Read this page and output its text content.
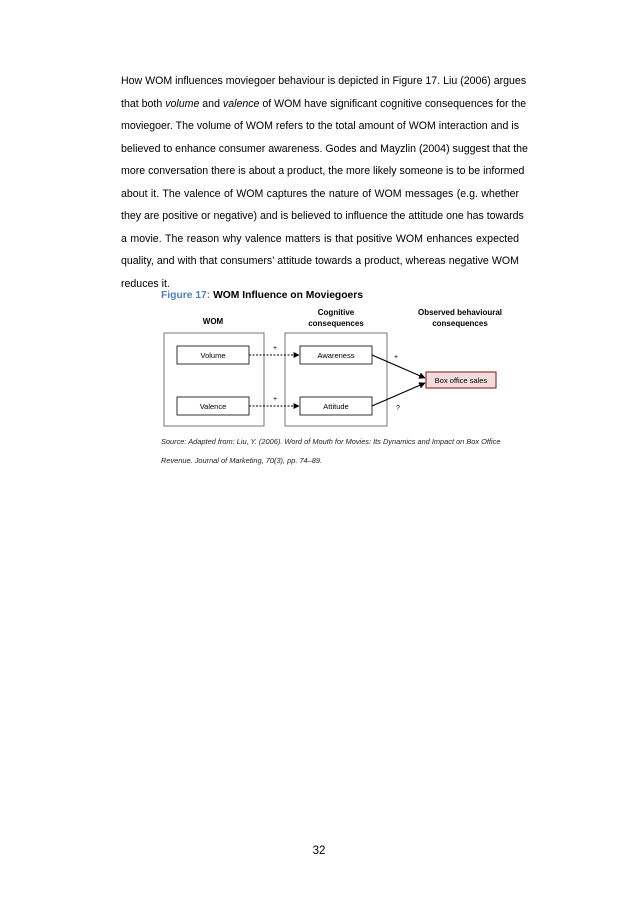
How WOM influences moviegoer behaviour is depicted in Figure 17. Liu (2006) argues
that both volume and valence of WOM have significant cognitive consequences for the
moviegoer. The volume of WOM refers to the total amount of WOM interaction and is
believed to enhance consumer awareness. Godes and Mayzlin (2004) suggest that the
more conversation there is about a product, the more likely someone is to be informed
about it. The valence of WOM captures the nature of WOM messages (e.g. whether
they are positive or negative) and is believed to influence the attitude one has towards
a movie. The reason why valence matters is that positive WOM enhances expected
quality, and with that consumers’ attitude towards a product, whereas negative WOM
reduces it.

Figure 17: WOM Influence on Moviegoers

WOM
Cognitive
consequences
Observed behavioural
consequences
Volume
Valence
Awareness
Attitude
Box office sales
+
+
+
?

Source: Adapted from: Liu, Y. (2006). Word of Mouth for Movies: Its Dynamics and Impact on Box Office
Revenue. Journal of Marketing, 70(3), pp. 74–89.

32
